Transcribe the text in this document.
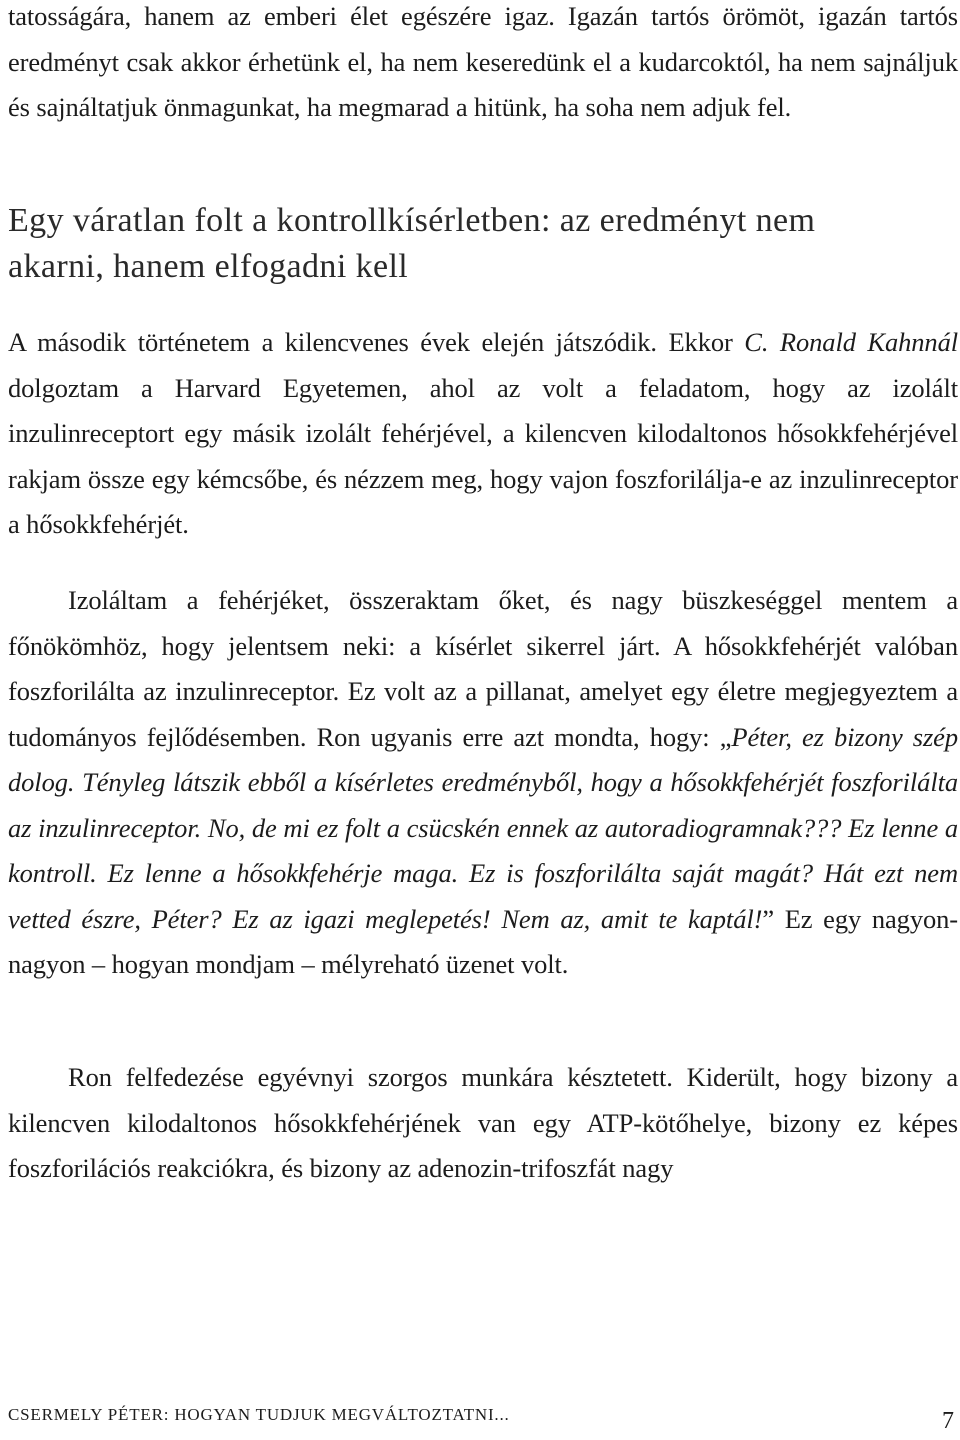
tatosságára, hanem az emberi élet egészére igaz. Igazán tartós örömöt, igazán tartós eredményt csak akkor érhetünk el, ha nem keseredünk el a kudarcoktól, ha nem sajnáljuk és sajnáltatjuk önmagunkat, ha megmarad a hitünk, ha soha nem adjuk fel.

Egy váratlan folt a kontrollkísérletben: az eredményt nem akarni, hanem elfogadni kell

A második történetem a kilencvenes évek elején játszódik. Ekkor C. Ronald Kahnnál dolgoztam a Harvard Egyetemen, ahol az volt a feladatom, hogy az izolált inzulinreceptort egy másik izolált fehérjével, a kilencven kilodaltonos hősokkfehérjével rakjam össze egy kémcsőbe, és nézzem meg, hogy vajon foszforilálja-e az inzulinreceptor a hősokkfehérjét.

Izoláltam a fehérjéket, összeraktam őket, és nagy büszkeséggel mentem a főnökömhöz, hogy jelentsem neki: a kísérlet sikerrel járt. A hősokkfehérjét valóban foszforilálta az inzulinreceptor. Ez volt az a pillanat, amelyet egy életre megjegyeztem a tudományos fejlődésemben. Ron ugyanis erre azt mondta, hogy: „Péter, ez bizony szép dolog. Tényleg látszik ebből a kísérletes eredményből, hogy a hősokkfehérjét foszforilálta az inzulinreceptor. No, de mi ez folt a csücskén ennek az autoradiogramnak??? Ez lenne a kontroll. Ez lenne a hősokkfehérje maga. Ez is foszforilálta saját magát? Hát ezt nem vetted észre, Péter? Ez az igazi meglepetés! Nem az, amit te kaptál!” Ez egy nagyon-nagyon – hogyan mondjam – mélyreható üzenet volt.

Ron felfedezése egyévnyi szorgos munkára késztetett. Kiderült, hogy bizony a kilencven kilodaltonos hősokkfehérjének van egy ATP-kötőhelye, bizony ez képes foszforilációs reakciókra, és bizony az adenozin-trifoszfát nagy

CSERMELY PÉTER: HOGYAN TUDJUK MEGVÁLTOZTATNI...	7
